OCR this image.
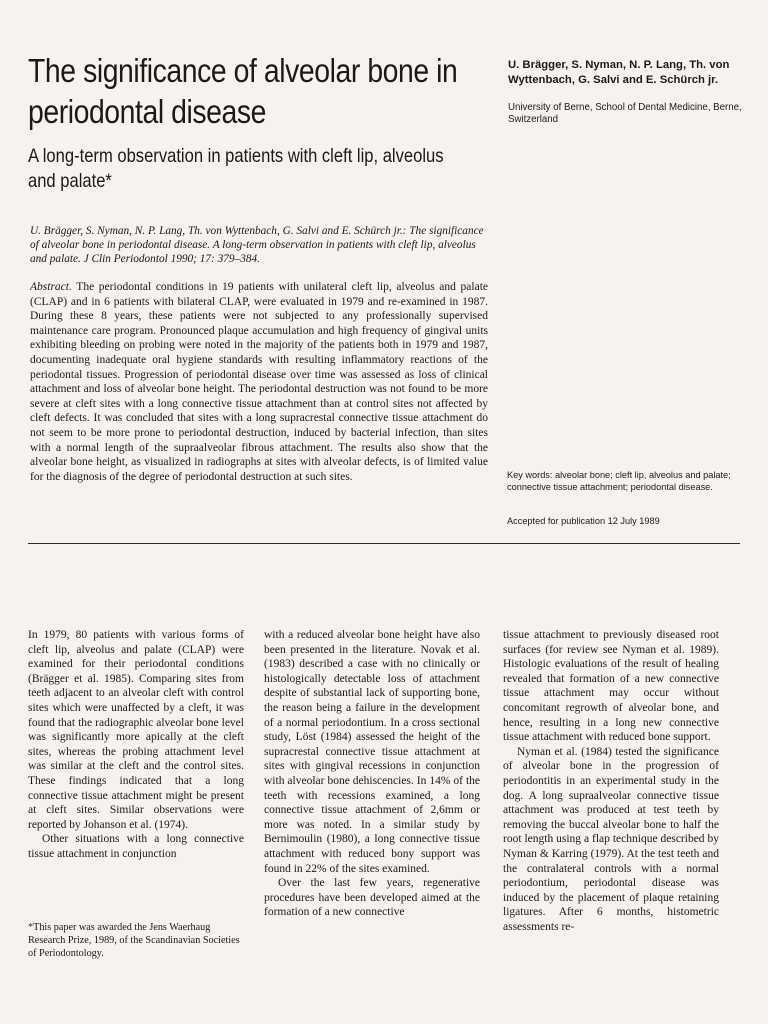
The significance of alveolar bone in periodontal disease
A long-term observation in patients with cleft lip, alveolus and palate*
U. Brägger, S. Nyman, N. P. Lang, Th. von Wyttenbach, G. Salvi and E. Schürch jr.
University of Berne, School of Dental Medicine, Berne, Switzerland
U. Brägger, S. Nyman, N. P. Lang, Th. von Wyttenbach, G. Salvi and E. Schürch jr.: The significance of alveolar bone in periodontal disease. A long-term observation in patients with cleft lip, alveolus and palate. J Clin Periodontol 1990; 17: 379–384.
Abstract. The periodontal conditions in 19 patients with unilateral cleft lip, alveolus and palate (CLAP) and in 6 patients with bilateral CLAP, were evaluated in 1979 and re-examined in 1987. During these 8 years, these patients were not subjected to any professionally supervised maintenance care program. Pronounced plaque accumulation and high frequency of gingival units exhibiting bleeding on probing were noted in the majority of the patients both in 1979 and 1987, documenting inadequate oral hygiene standards with resulting inflammatory reactions of the periodontal tissues. Progression of periodontal disease over time was assessed as loss of clinical attachment and loss of alveolar bone height. The periodontal destruction was not found to be more severe at cleft sites with a long connective tissue attachment than at control sites not affected by cleft defects. It was concluded that sites with a long supracrestal connective tissue attachment do not seem to be more prone to periodontal destruction, induced by bacterial infection, than sites with a normal length of the supraalveolar fibrous attachment. The results also show that the alveolar bone height, as visualized in radiographs at sites with alveolar defects, is of limited value for the diagnosis of the degree of periodontal destruction at such sites.	Key words: alveolar bone; cleft lip, alveolus and palate; connective tissue attachment; periodontal disease.
Accepted for publication 12 July 1989

In 1979, 80 patients with various forms of cleft lip, alveolus and palate (CLAP) were examined for their periodontal conditions (Brägger et al. 1985). Comparing sites from teeth adjacent to an alveolar cleft with control sites which were unaffected by a cleft, it was found that the radiographic alveolar bone level was significantly more apically at the cleft sites, whereas the probing attachment level was similar at the cleft and the control sites. These findings indicated that a long connective tissue attachment might be present at cleft sites. Similar observations were reported by Johanson et al. (1974).

Other situations with a long connective tissue attachment in conjunction

with a reduced alveolar bone height have also been presented in the literature. Novak et al. (1983) described a case with no clinically or histologically detectable loss of attachment despite of substantial lack of supporting bone, the reason being a failure in the development of a normal periodontium. In a cross sectional study, Löst (1984) assessed the height of the supracrestal connective tissue attachment at sites with gingival recessions in conjunction with alveolar bone dehiscencies. In 14% of the teeth with recessions examined, a long connective tissue attachment of 2,6mm or more was noted. In a similar study by Bernimoulin (1980), a long connective tissue attachment with reduced bony support was found in 22% of the sites examined.

Over the last few years, regenerative procedures have been developed aimed at the formation of a new connective

tissue attachment to previously diseased root surfaces (for review see Nyman et al. 1989). Histologic evaluations of the result of healing revealed that formation of a new connective tissue attachment may occur without concomitant regrowth of alveolar bone, and hence, resulting in a long new connective tissue attachment with reduced bone support.

Nyman et al. (1984) tested the significance of alveolar bone in the progression of periodontitis in an experimental study in the dog. A long supraalveolar connective tissue attachment was produced at test teeth by removing the buccal alveolar bone to half the root length using a flap technique described by Nyman & Karring (1979). At the test teeth and the contralateral controls with a normal periodontium, periodontal disease was induced by the placement of plaque retaining ligatures. After 6 months, histometric assessments re-

*This paper was awarded the Jens Waerhaug Research Prize, 1989, of the Scandinavian Societies of Periodontology.
